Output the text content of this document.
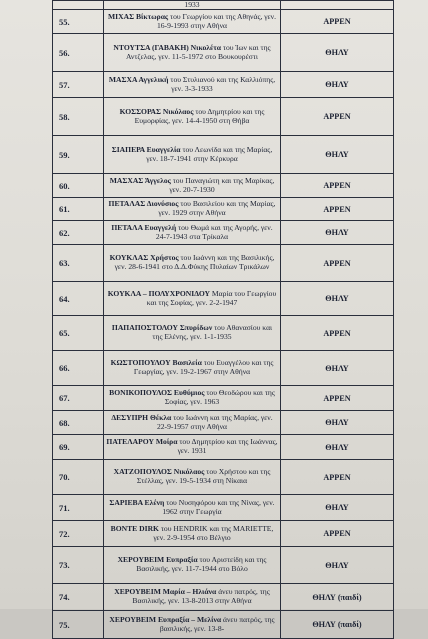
	1933	
55.	ΜΙΧΑΣ Βίκτωρας του Γεωργίου και της Αθηνάς, γεν. 16-9-1993 στην Αθήνα	ΑΡΡΕΝ
56.	ΝΤΟΥΤΣΑ (ΓΑΒΑΚΗ) Νικολέτα του Ίων και της Αντζελας, γεν. 11-5-1972 στο Βουκουρέστι	ΘΗΛΥ
57.	ΜΑΣΧΑ Αγγελική του Στυλιανού και της Καλλιόπης, γεν. 3-3-1933	ΘΗΛΥ
58.	ΚΟΣΣΟΡΑΣ Νικόλαος του Δημητρίου και της Ευμορφίας, γεν. 14-4-1950 στη Θήβα	ΑΡΡΕΝ
59.	ΣΙΑΠΕΡΑ Ευαγγελία του Λεωνίδα και της Μαρίας, γεν. 18-7-1941 στην Κέρκυρα	ΘΗΛΥ
60.	ΜΑΣΧΑΣ Άγγελος του Παναγιώτη και της Μαρίκας, γεν. 20-7-1930	ΑΡΡΕΝ
61.	ΠΕΤΑΛΑΣ Διονύσιος του Βασιλείου και της Μαρίας, γεν. 1929 στην Αθήνα	ΑΡΡΕΝ
62.	ΠΕΤΑΛΑ Ευαγγελή του Θωμά και της Αγορής, γεν. 24-7-1943 στα Τρίκαλα	ΘΗΛΥ
63.	ΚΟΥΚΛΑΣ Χρήστος του Ιωάννη και της Βασιλικής, γεν. 28-6-1941 στο Δ.Δ.Φύκης Πυλαίων Τρικάλων	ΑΡΡΕΝ
64.	ΚΟΥΚΛΑ – ΠΟΛΥΧΡΟΝΙΔΟΥ Μαρία του Γεωργίου και της Σοφίας, γεν. 2-2-1947	ΘΗΛΥ
65.	ΠΑΠΑΠΟΣΤΟΛΟΥ Σπυρίδων του Αθανασίου και της Ελένης, γεν. 1-1-1935	ΑΡΡΕΝ
66.	ΚΩΣΤΟΠΟΥΛΟΥ Βασιλεία του Ευαγγέλου και της Γεωργίας, γεν. 19-2-1967 στην Αθήνα	ΘΗΛΥ
67.	ΒΟΝΙΚΟΠΟΥΛΟΣ Ευθύμιος του Θεοδώρου και της Σοφίας, γεν. 1963	ΑΡΡΕΝ
68.	ΔΕΣΥΠΡΗ Θέκλα του Ιωάννη και της Μαρίας, γεν. 22-9-1957 στην Αθήνα	ΘΗΛΥ
69.	ΠΑΤΕΛΑΡΟΥ Μοίρα του Δημητρίου και της Ιωάννας, γεν. 1931	ΘΗΛΥ
70.	ΧΑΤΖΟΠΟΥΛΟΣ Νικόλαος του Χρήστου και της Στέλλας, γεν. 19-5-1934 στη Νίκαια	ΑΡΡΕΝ
71.	ΣΑΡΙΕΒΑ Ελένη του Νυσηφόρου και της Νίνας, γεν. 1962 στην Γεωργία	ΘΗΛΥ
72.	BONTE DIRK του HENDRIK και της MARIETTE, γεν. 2-9-1954 στο Βέλγιο	ΑΡΡΕΝ
73.	ΧΕΡΟΥΒΕΙΜ Ευπραξία του Αριστείδη και της Βασιλικής, γεν. 11-7-1944 στο Βόλο	ΘΗΛΥ
74.	ΧΕΡΟΥΒΕΙΜ Μαρία – Ηλιάνα άνευ πατρός, της Βασιλικής, γεν. 13-8-2013 στην Αθήνα	ΘΗΛΥ (παιδί)
75.	ΧΕΡΟΥΒΕΙΜ Ευπραξία – Μελίνα άνευ πατρός, της βασιλικής, γεν. 13-8-	ΘΗΛΥ (παιδί)
